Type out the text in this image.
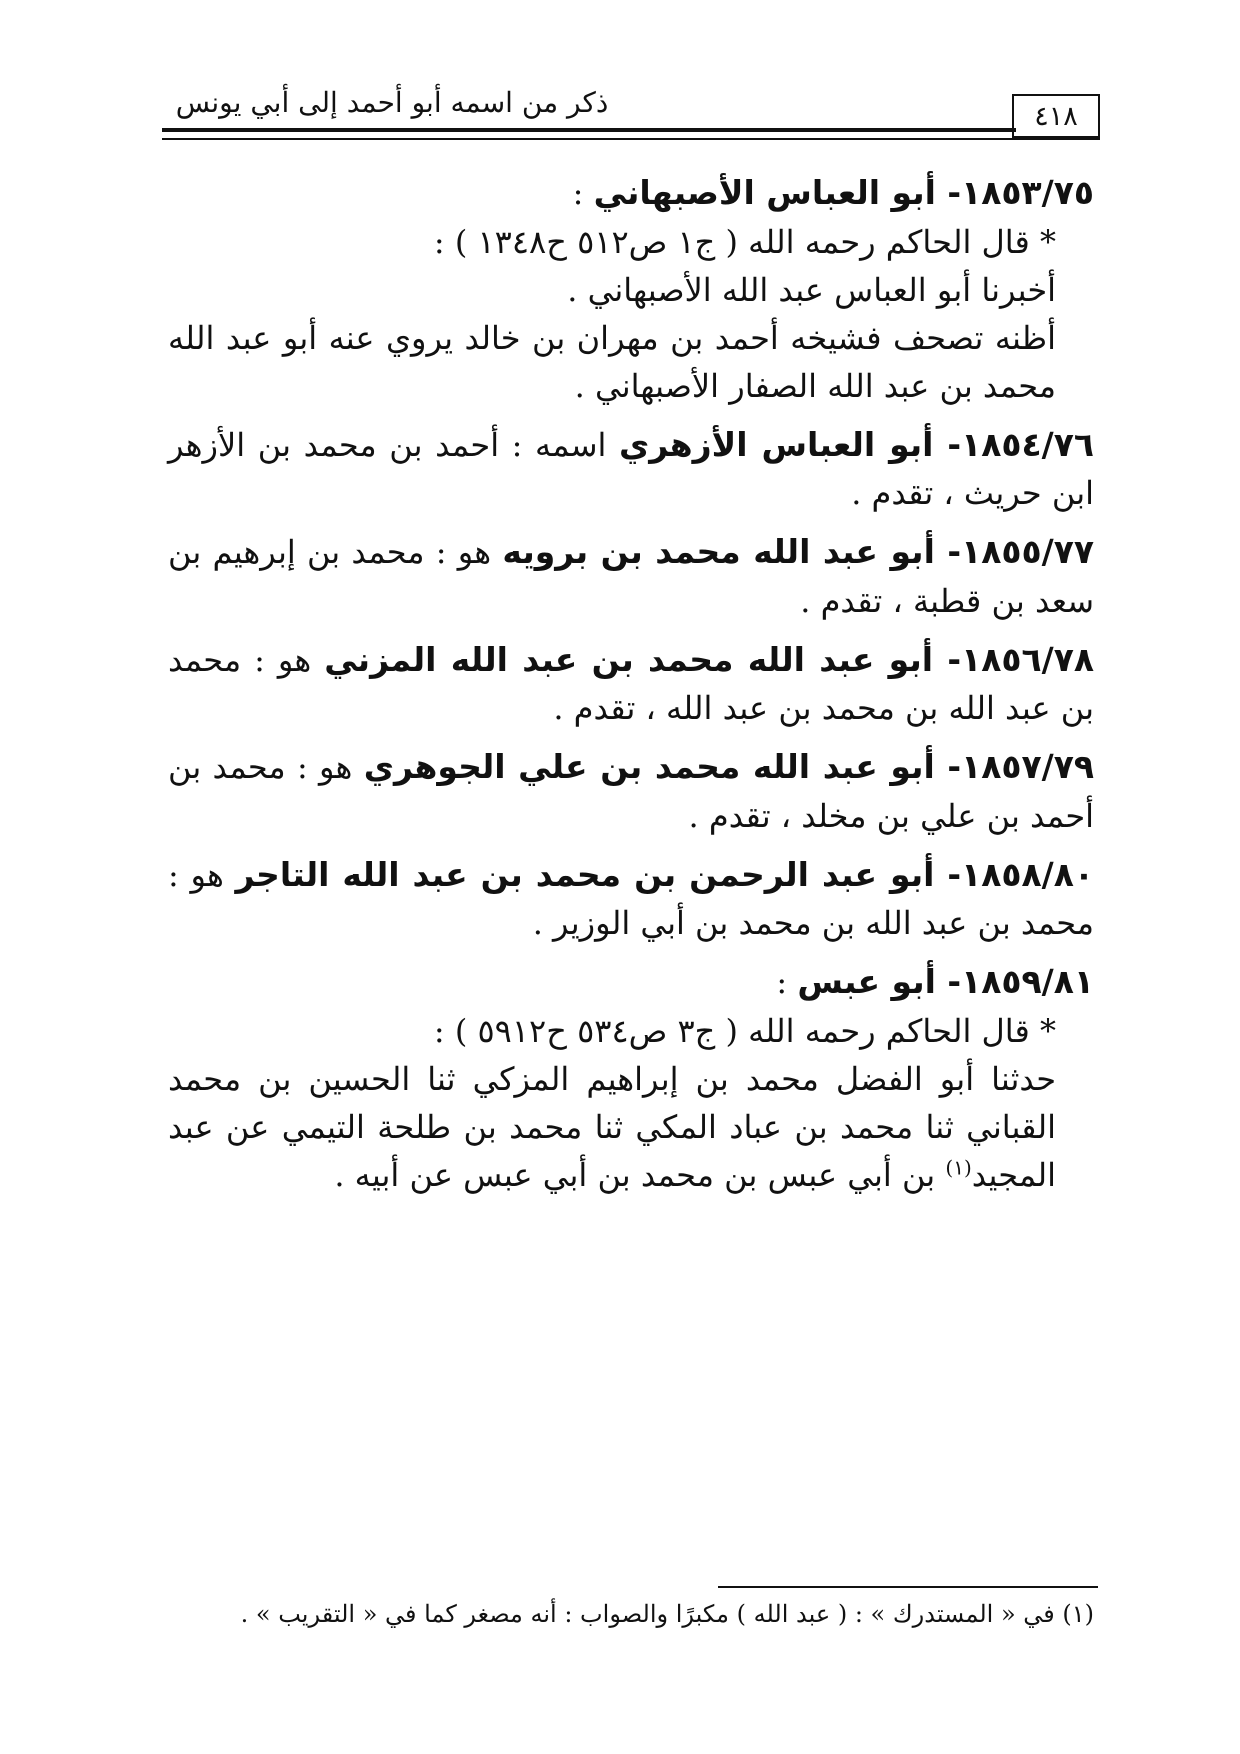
ذكر من اسمه أبو أحمد إلى أبي يونس	٤١٨
١٨٥٣/٧٥- أبو العباس الأصبهاني :

* قال الحاكم رحمه الله ( ج١ ص٥١٢ ح١٣٤٨ ) :

أخبرنا أبو العباس عبد الله الأصبهاني .

أظنه تصحف فشيخه أحمد بن مهران بن خالد يروي عنه أبو عبد الله محمد بن عبد الله الصفار الأصبهاني .

١٨٥٤/٧٦- أبو العباس الأزهري اسمه : أحمد بن محمد بن الأزهر ابن حريث ، تقدم .

١٨٥٥/٧٧- أبو عبد الله محمد بن برويه هو : محمد بن إبرهيم بن سعد بن قطبة ، تقدم .

١٨٥٦/٧٨- أبو عبد الله محمد بن عبد الله المزني هو : محمد بن عبد الله بن محمد بن عبد الله ، تقدم .

١٨٥٧/٧٩- أبو عبد الله محمد بن علي الجوهري هو : محمد بن أحمد بن علي بن مخلد ، تقدم .

١٨٥٨/٨٠- أبو عبد الرحمن بن محمد بن عبد الله التاجر هو : محمد بن عبد الله بن محمد بن أبي الوزير .

١٨٥٩/٨١- أبو عبس :

* قال الحاكم رحمه الله ( ج٣ ص٥٣٤ ح٥٩١٢ ) :

حدثنا أبو الفضل محمد بن إبراهيم المزكي ثنا الحسين بن محمد القباني ثنا محمد بن عباد المكي ثنا محمد بن طلحة التيمي عن عبد المجيد$^{(١)}$ بن أبي عبس بن محمد بن أبي عبس عن أبيه .

(١) في « المستدرك » : ( عبد الله ) مكبرًا والصواب : أنه مصغر كما في « التقريب » .
